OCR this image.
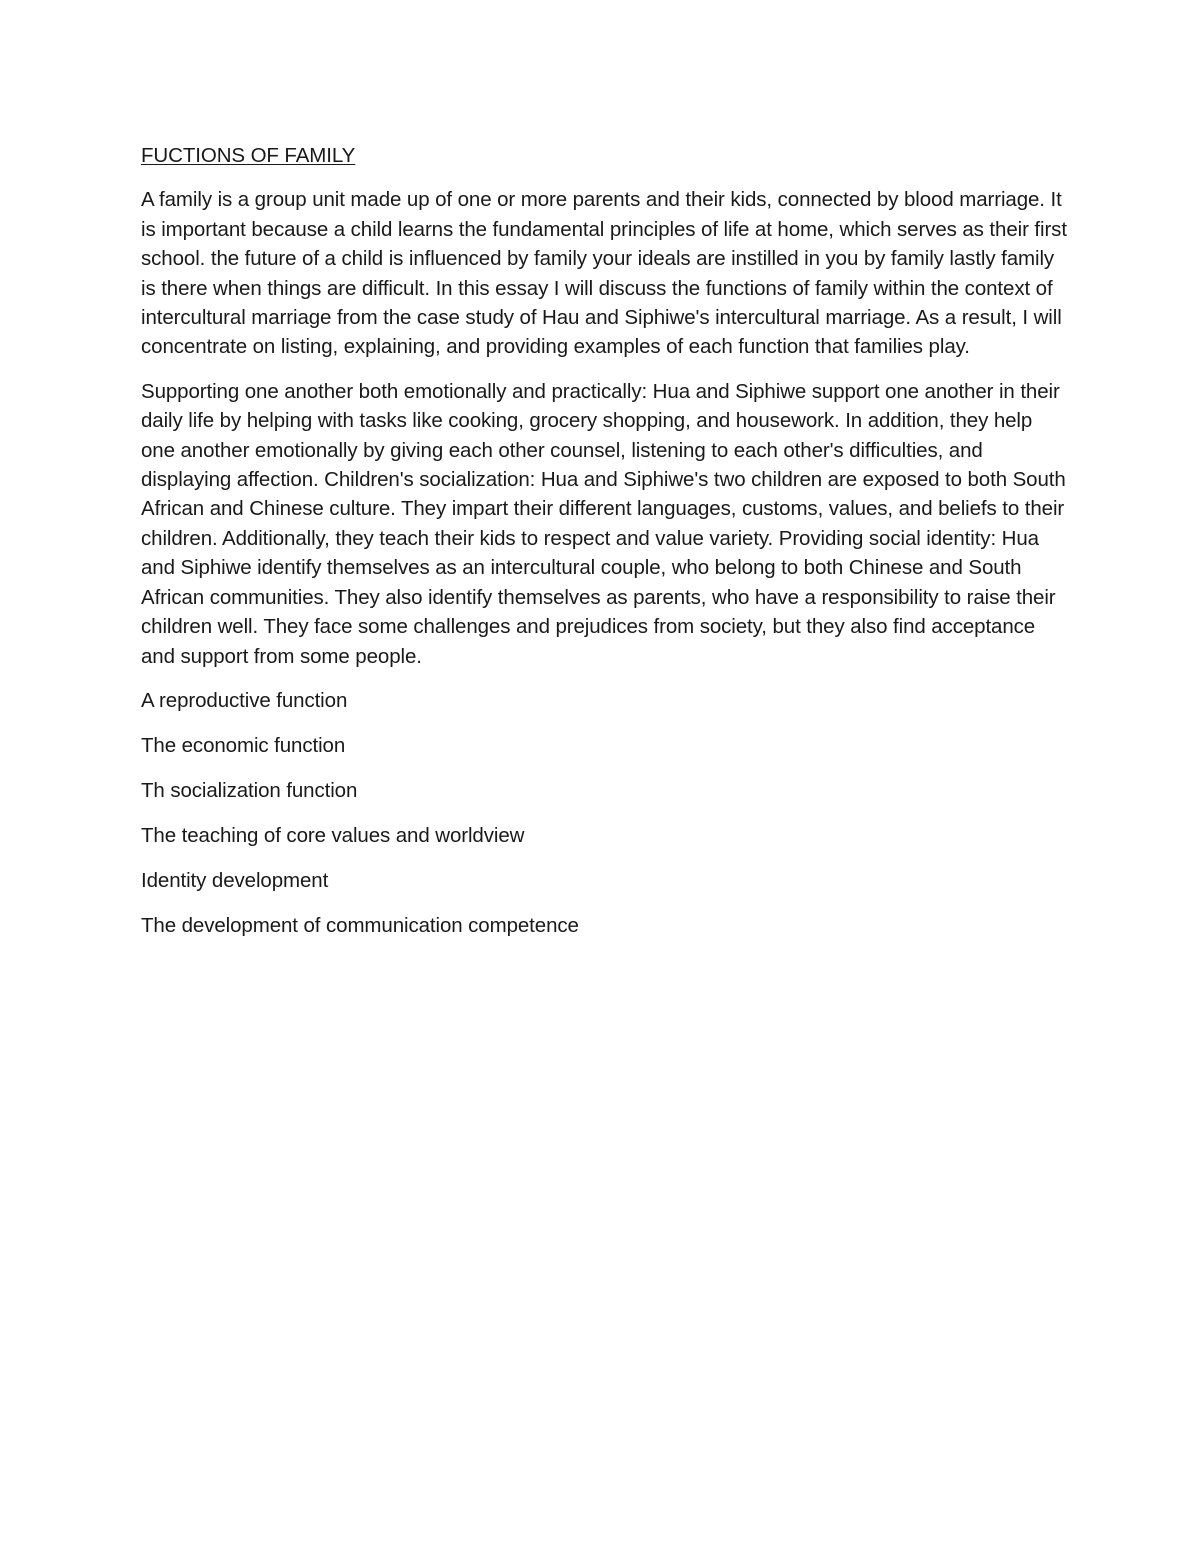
FUCTIONS OF FAMILY

A family is a group unit made up of one or more parents and their kids, connected by blood marriage. It is important because a child learns the fundamental principles of life at home, which serves as their first school. the future of a child is influenced by family your ideals are instilled in you by family lastly family is there when things are difficult. In this essay I will discuss the functions of family within the context of intercultural marriage from the case study of Hau and Siphiwe's intercultural marriage. As a result, I will concentrate on listing, explaining, and providing examples of each function that families play.

Supporting one another both emotionally and practically: Hua and Siphiwe support one another in their daily life by helping with tasks like cooking, grocery shopping, and housework. In addition, they help one another emotionally by giving each other counsel, listening to each other's difficulties, and displaying affection. Children's socialization: Hua and Siphiwe's two children are exposed to both South African and Chinese culture. They impart their different languages, customs, values, and beliefs to their children. Additionally, they teach their kids to respect and value variety. Providing social identity: Hua and Siphiwe identify themselves as an intercultural couple, who belong to both Chinese and South African communities. They also identify themselves as parents, who have a responsibility to raise their children well. They face some challenges and prejudices from society, but they also find acceptance and support from some people.

A reproductive function

The economic function

Th socialization function

The teaching of core values and worldview

Identity development

The development of communication competence
